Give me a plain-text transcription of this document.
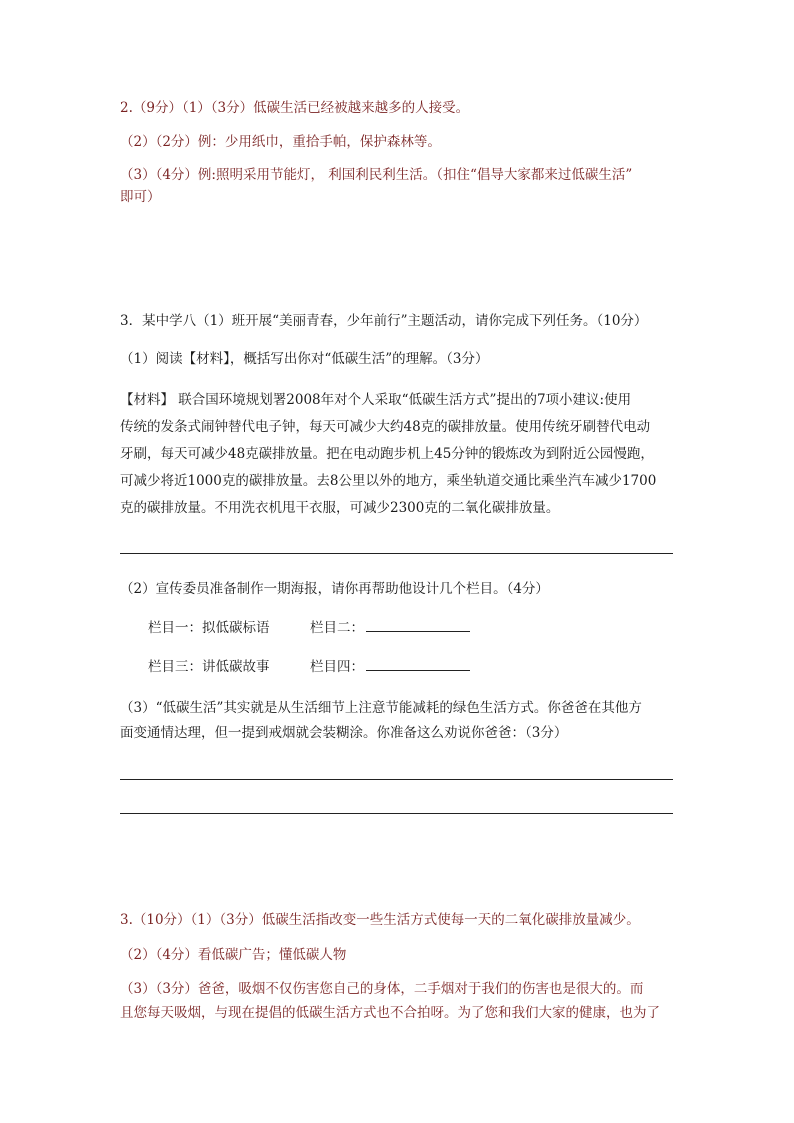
2.（9分）（1）（3分）低碳生活已经被越来越多的人接受。

（2）（2分）例：少用纸巾，重拾手帕，保护森林等。

（3）（4分）例:照明采用节能灯， 利国利民利生活。（扣住“倡导大家都来过低碳生活”

即可）

3．某中学八（1）班开展“美丽青春，少年前行”主题活动，请你完成下列任务。（10分）

（1）阅读【材料】，概括写出你对“低碳生活”的理解。（3分）

【材料】 联合国环境规划署2008年对个人采取“低碳生活方式”提出的7项小建议:使用

传统的发条式闹钟替代电子钟，每天可减少大约48克的碳排放量。使用传统牙刷替代电动

牙刷，每天可减少48克碳排放量。把在电动跑步机上45分钟的锻炼改为到附近公园慢跑，

可减少将近1000克的碳排放量。去8公里以外的地方，乘坐轨道交通比乘坐汽车减少1700

克的碳排放量。不用洗衣机甩干衣服，可减少2300克的二氧化碳排放量。

（2）宣传委员准备制作一期海报，请你再帮助他设计几个栏目。（4分）

栏目一：拟低碳标语	栏目二：

栏目三：讲低碳故事	栏目四：

（3）“低碳生活”其实就是从生活细节上注意节能减耗的绿色生活方式。你爸爸在其他方

面变通情达理，但一提到戒烟就会装糊涂。你准备这么劝说你爸爸：（3分）

3.（10分）（1）（3分）低碳生活指改变一些生活方式使每一天的二氧化碳排放量减少。

（2）（4分）看低碳广告；懂低碳人物

（3）（3分）爸爸，吸烟不仅伤害您自己的身体，二手烟对于我们的伤害也是很大的。而

且您每天吸烟，与现在提倡的低碳生活方式也不合拍呀。为了您和我们大家的健康，也为了
